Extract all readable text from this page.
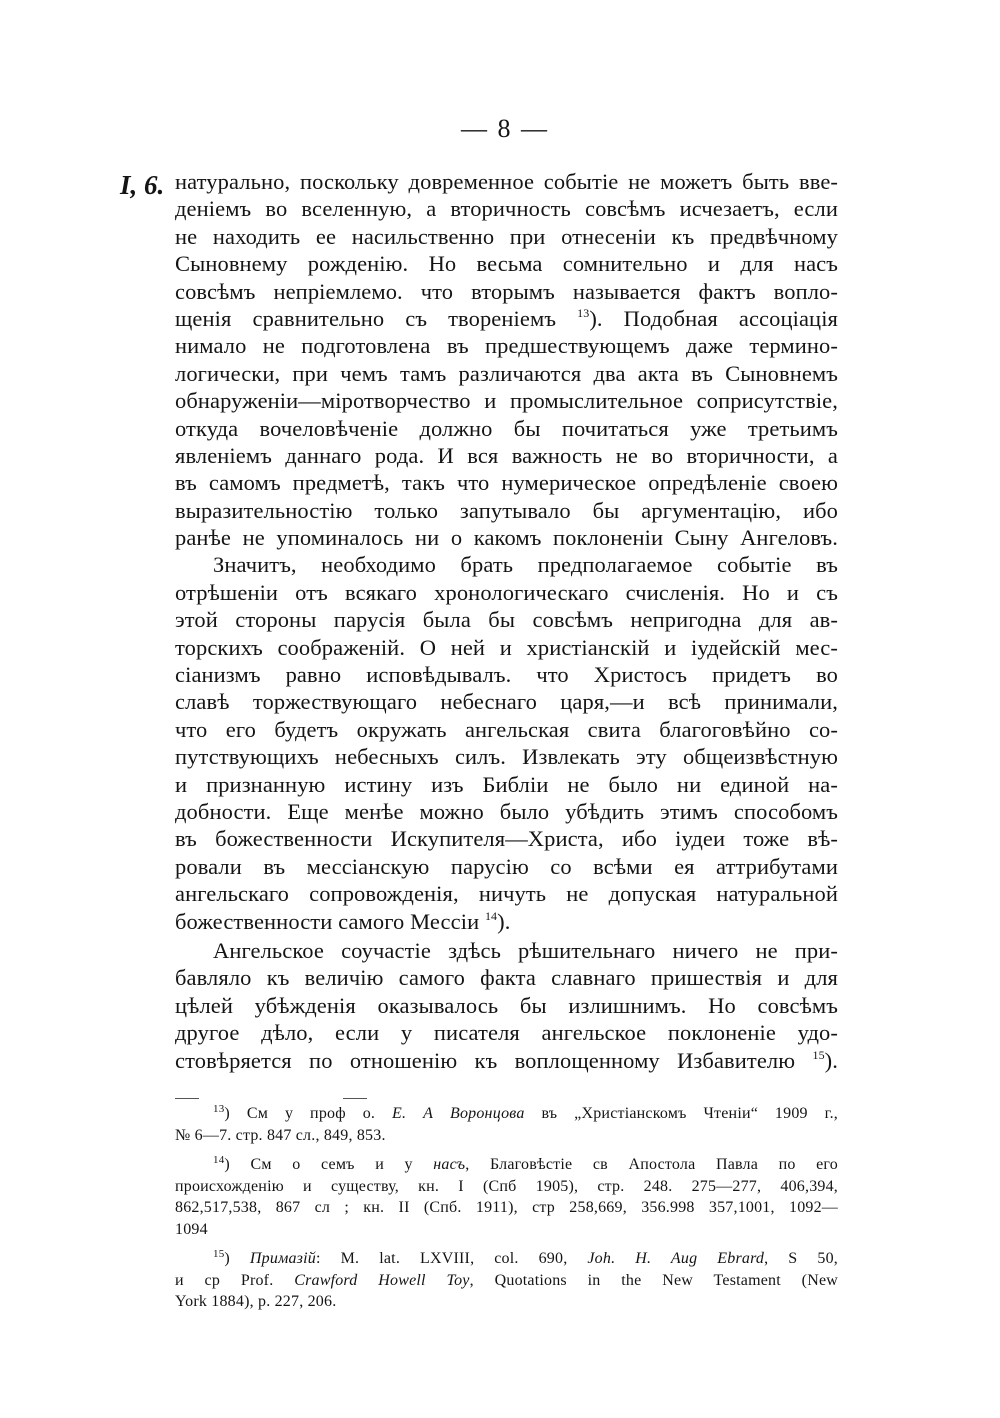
— 8 —
I, 6. натурально, поскольку довременное событіе не можетъ быть вве-
деніемъ во вселенную, а вторичность совсѣмъ исчезаетъ, если
не находить ее насильственно при отнесеніи къ предвѣчному
Сыновнему рожденію. Но весьма сомнительно и для насъ
совсѣмъ непріемлемо. что вторымъ называется фактъ вопло-
щенія сравнительно съ твореніемъ $^{13}$). Подобная ассоціація
нимало не подготовлена въ предшествующемъ даже термино-
логически, при чемъ тамъ различаются два акта въ Сыновнемъ
обнаруженіи—міротворчество и промыслительное соприсутствіе,
откуда вочеловѣченіе должно бы почитаться уже третьимъ
явленіемъ даннаго рода. И вся важность не во вторичности, а
въ самомъ предметѣ, такъ что нумерическое опредѣленіе своею
выразительностію только запутывало бы аргументацію, ибо
ранѣе не упоминалось ни о какомъ поклоненіи Сыну Ангеловъ.
Значитъ, необходимо брать предполагаемое событіе въ
отрѣшеніи отъ всякаго хронологическаго счисленія. Но и съ
этой стороны парусія была бы совсѣмъ непригодна для ав-
торскихъ соображеній. О ней и христіанскій и іудейскій мес-
сіанизмъ равно исповѣдывалъ. что Христосъ придетъ во
славѣ торжествующаго небеснаго царя,—и всѣ принимали,
что его будетъ окружать ангельская свита благоговѣйно со-
путствующихъ небесныхъ силъ. Извлекать эту общеизвѣстную
и признанную истину изъ Библіи не было ни единой на-
добности. Еще менѣе можно было убѣдить этимъ способомъ
въ божественности Искупителя—Христа, ибо іудеи тоже вѣ-
ровали въ мессіанскую парусію со всѣми ея аттрибутами
ангельскаго сопровожденія, ничуть не допуская натуральной
божественности самого Мессіи $^{14}$).
Ангельское соучастіе здѣсь рѣшительнаго ничего не при-
бавляло къ величію самого факта славнаго пришествія и для
цѣлей убѣжденія оказывалось бы излишнимъ. Но совсѣмъ
другое дѣло, если у писателя ангельское поклоненіе удо-
стовѣряется по отношенію къ воплощенному Избавителю $^{15}$).
$^{13}$) См у проф о. Е. А Воронцова въ „Христіанскомъ Чтеніи“ 1909 г.,
№ 6—7. стр. 847 сл., 849, 853.
$^{14}$) См о семъ и у насъ, Благовѣстіе св Апостола Павла по его
происхожденію и существу, кн. I (Спб 1905), стр. 248. 275—277, 406,394,
862,517,538, 867 сл ; кн. II (Спб. 1911), стр 258,669, 356.998 357,1001, 1092—
1094
$^{15}$) Примазій: M. lat. LXVIII, col. 690, Joh. H. Aug Ebrard, S 50,
и ср Prof. Crawford Howell Toy, Quotations in the New Testament (New
York 1884), p. 227, 206.
